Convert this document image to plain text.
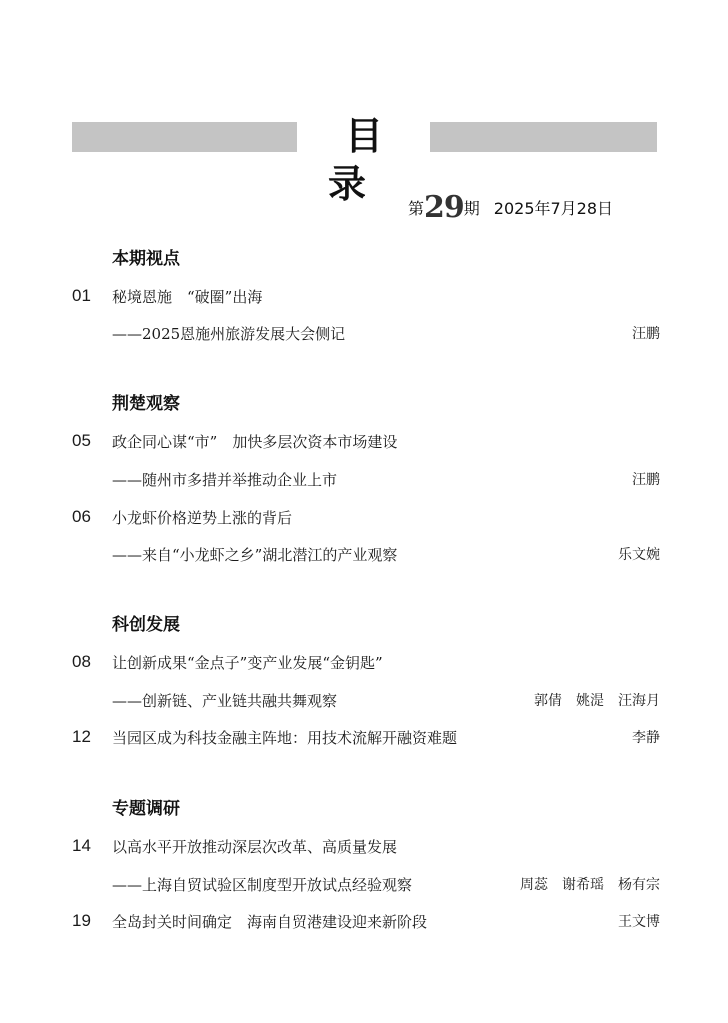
目录
第29期 2025年7月28日
本期视点
01 秘境恩施　“破圈”出海
——2025恩施州旅游发展大会侧记	汪鹏
荆楚观察
05 政企同心谋“市”　加快多层次资本市场建设
——随州市多措并举推动企业上市	汪鹏
06 小龙虾价格逆势上涨的背后
——来自“小龙虾之乡”湖北潜江的产业观察	乐文婉
科创发展
08 让创新成果“金点子”变产业发展“金钥匙”
——创新链、产业链共融共舞观察	郭倩　姚湜　汪海月
12 当园区成为科技金融主阵地：用技术流解开融资难题	李静
专题调研
14 以高水平开放推动深层次改革、高质量发展
——上海自贸试验区制度型开放试点经验观察	周蕊　谢希瑶　杨有宗
19 全岛封关时间确定　海南自贸港建设迎来新阶段	王文博
